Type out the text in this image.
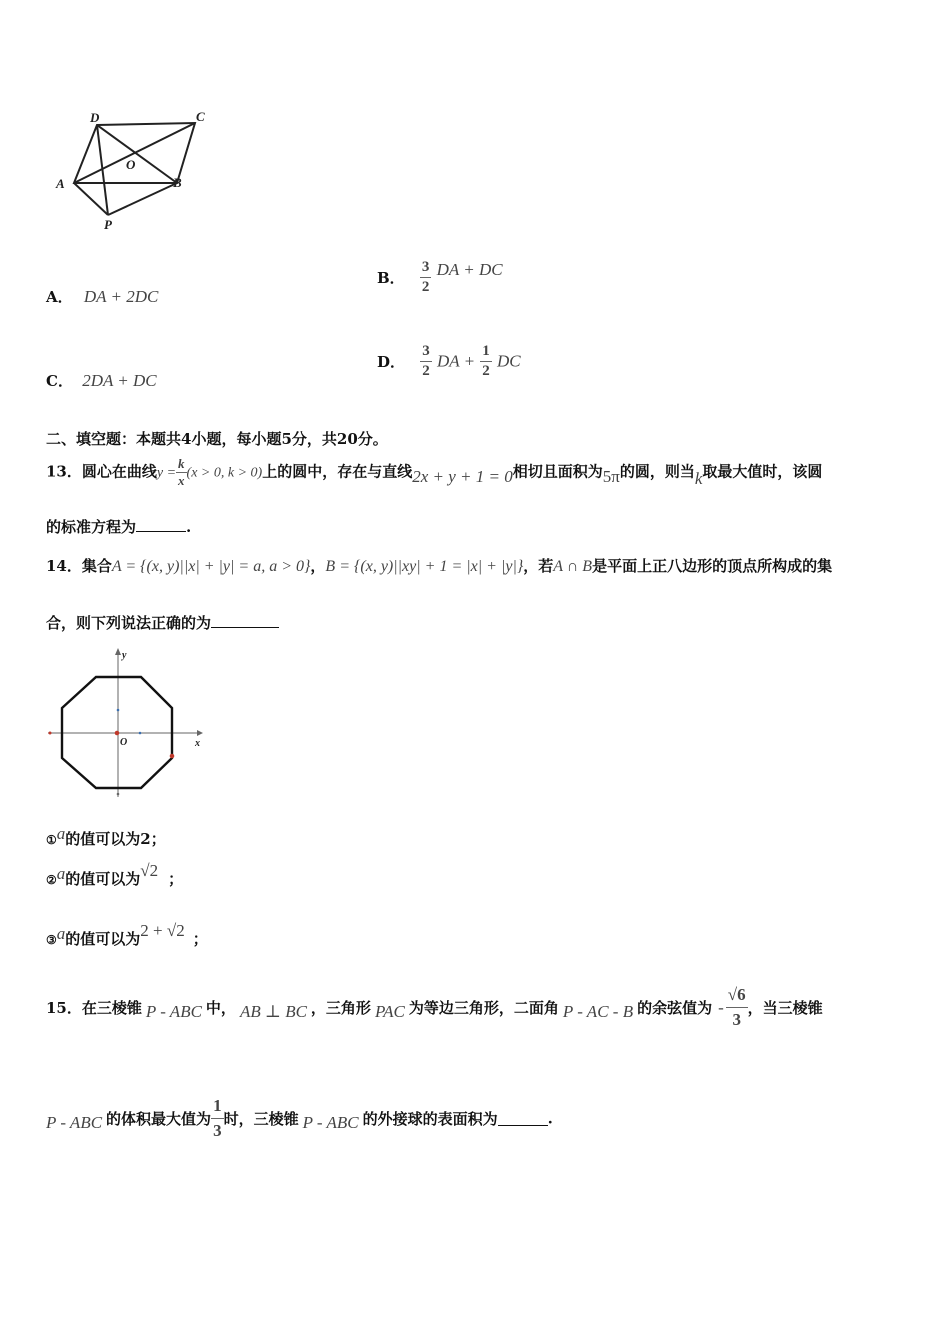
D	C
O
A	B
P
A． DA + 2DC
B． $\frac{3}{2}$ DA + DC
C． 2DA + DC
D． $\frac{3}{2}$ DA + $\frac{1}{2}$ DC
二、填空题：本题共4小题，每小题5分，共20分。
13．圆心在曲线$y = \frac{k}{x} (x > 0$, k > 0)上的圆中，存在与直线2x + y + 1 = 0相切且面积为5π的圆，则当k取最大值时，该圆
的标准方程为	.
14．集合A = {(x, y)||x| + |y| = a, a > 0}，B = {(x, y)||xy| + 1 = |x| + |y|}，若A ∩ B是平面上正八边形的顶点所构成的集
合，则下列说法正确的为
y
x
O
①a的值可以为2；
②a的值可以为√2 ；
③a的值可以为2 + √2 ；
15．在三棱锥 P - ABC 中， AB ⊥ BC ，三角形 PAC 为等边三角形，二面角 P - AC - B 的余弦值为 - $\frac{√6}{3}$ ，当三棱锥
P - ABC 的体积最大值为 $\frac{1}{3}$ 时，三棱锥 P - ABC 的外接球的表面积为	.
